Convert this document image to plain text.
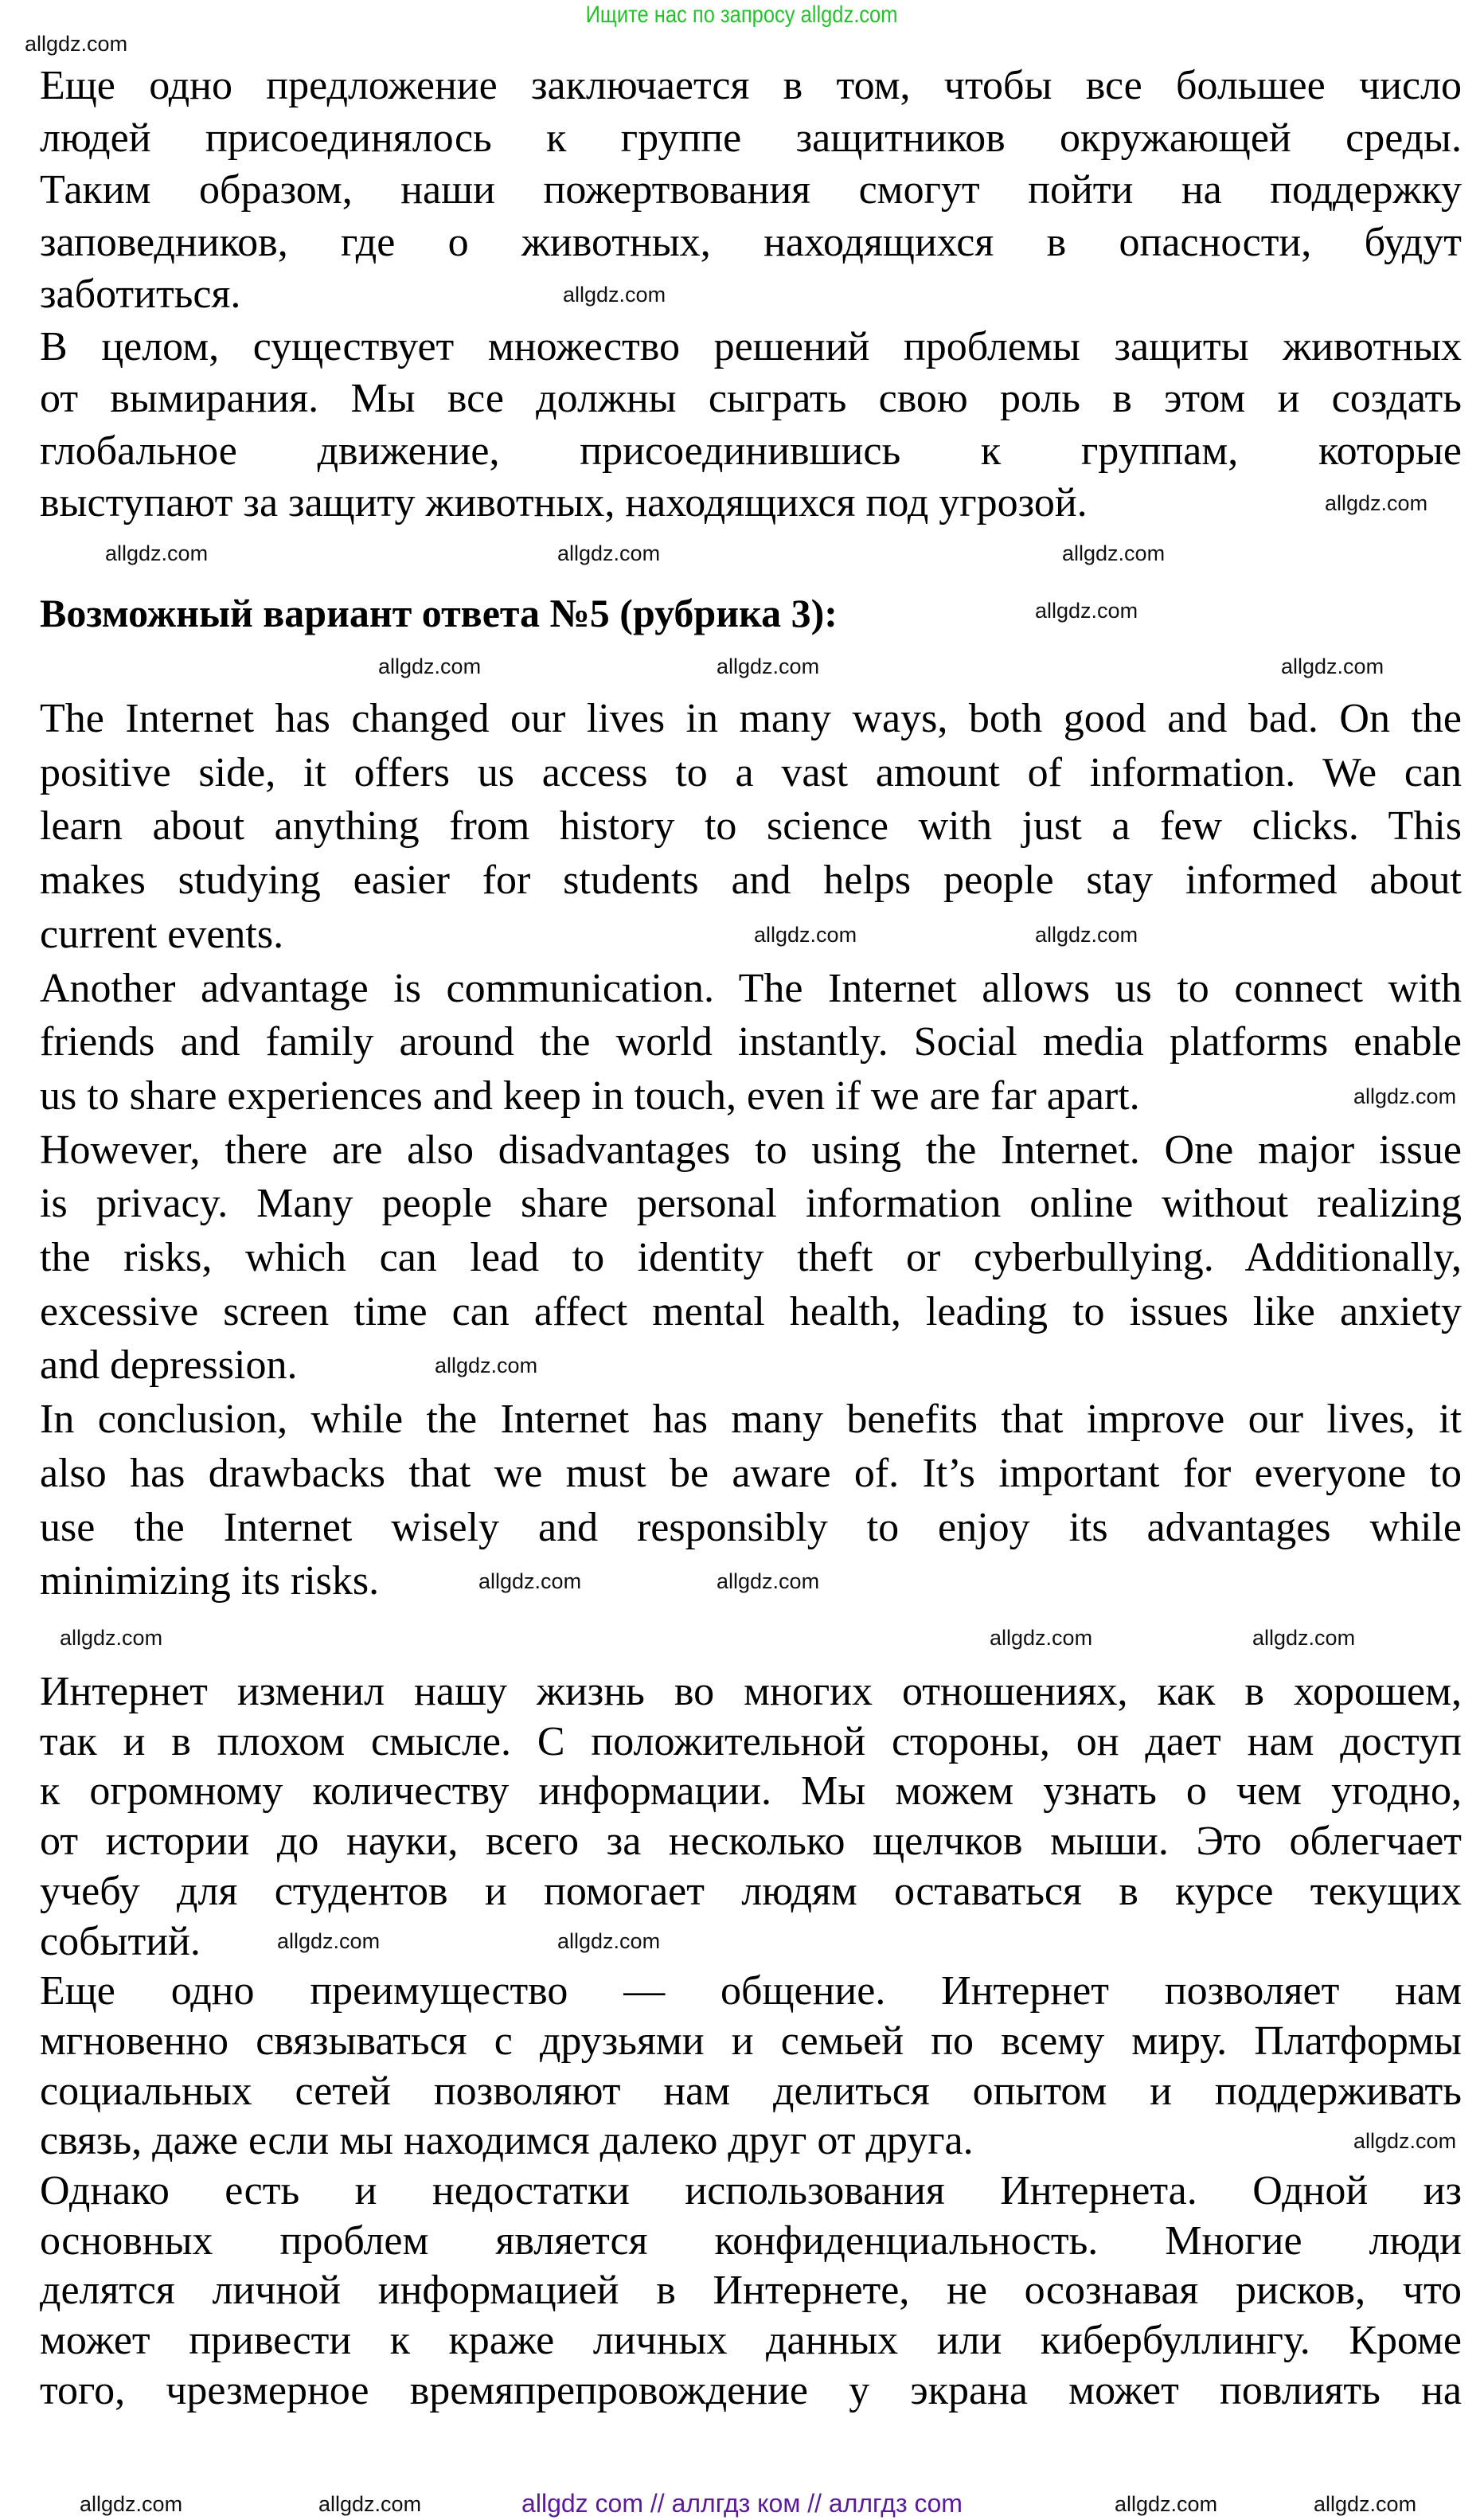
Ищите нас по запросу allgdz.com
Еще одно предложение заключается в том, чтобы все большее число
людей присоединялось к группе защитников окружающей среды.
Таким образом, наши пожертвования смогут пойти на поддержку
заповедников, где о животных, находящихся в опасности, будут
заботиться.
В целом, существует множество решений проблемы защиты животных
от вымирания. Мы все должны сыграть свою роль в этом и создать
глобальное движение, присоединившись к группам, которые
выступают за защиту животных, находящихся под угрозой.
Возможный вариант ответа №5 (рубрика 3):
The Internet has changed our lives in many ways, both good and bad. On the
positive side, it offers us access to a vast amount of information. We can
learn about anything from history to science with just a few clicks. This
makes studying easier for students and helps people stay informed about
current events.
Another advantage is communication. The Internet allows us to connect with
friends and family around the world instantly. Social media platforms enable
us to share experiences and keep in touch, even if we are far apart.
However, there are also disadvantages to using the Internet. One major issue
is privacy. Many people share personal information online without realizing
the risks, which can lead to identity theft or cyberbullying. Additionally,
excessive screen time can affect mental health, leading to issues like anxiety
and depression.
In conclusion, while the Internet has many benefits that improve our lives, it
also has drawbacks that we must be aware of. It’s important for everyone to
use the Internet wisely and responsibly to enjoy its advantages while
minimizing its risks.
Интернет изменил нашу жизнь во многих отношениях, как в хорошем,
так и в плохом смысле. С положительной стороны, он дает нам доступ
к огромному количеству информации. Мы можем узнать о чем угодно,
от истории до науки, всего за несколько щелчков мыши. Это облегчает
учебу для студентов и помогает людям оставаться в курсе текущих
событий.
Еще одно преимущество — общение. Интернет позволяет нам
мгновенно связываться с друзьями и семьей по всему миру. Платформы
социальных сетей позволяют нам делиться опытом и поддерживать
связь, даже если мы находимся далеко друг от друга.
Однако есть и недостатки использования Интернета. Одной из
основных проблем является конфиденциальность. Многие люди
делятся личной информацией в Интернете, не осознавая рисков, что
может привести к краже личных данных или кибербуллингу. Кроме
того, чрезмерное времяпрепровождение у экрана может повлиять на
allgdz.com
allgdz.com	allgdz.com
allgdz.com
allgdz.com
allgdz.com
allgdz.com
allgdz.com	allgdz.com	allgdz.com
allgdz.com	allgdz.com
allgdz.com
allgdz.com
allgdz.com	allgdz.com
allgdz.com	allgdz.com	allgdz.com
allgdz.com	allgdz.com
allgdz.com
allgdz.com	allgdz.com	allgdz.com	allgdz.com
allgdz com // аллгдз ком // аллгдз com
